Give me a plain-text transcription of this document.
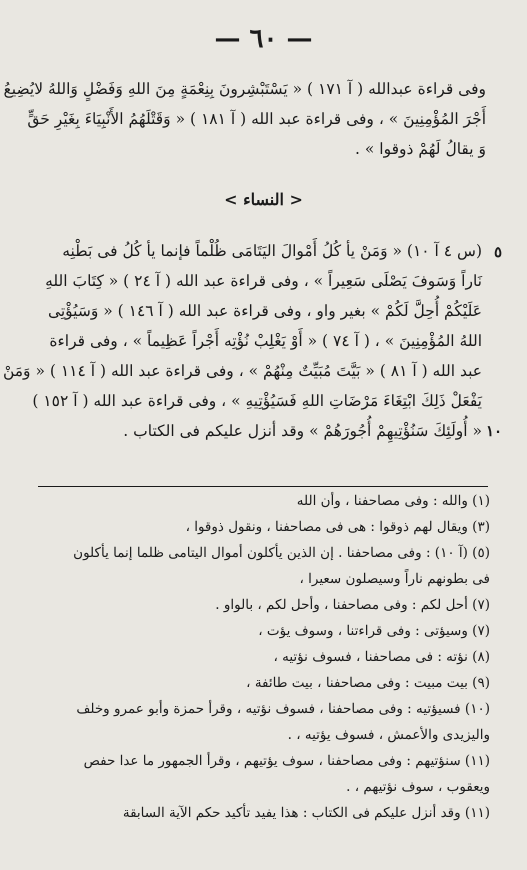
— ٦٠ —

وفى قراءة عبدالله ( آ ١٧١ ) « يَسْتَبْشِرونَ بِنِعْمَةٍ مِنَ اللهِ وَفَضْلٍ وَاللهُ لايُضِيعُ

أَجْرَ المُؤْمِنِينَ » ، وفى قراءة عبد الله ( آ ١٨١ ) « وَقَتْلَهُمُ الأَنْبِيَاءَ بِغَيْرِ حَقٍّ

وَ يقالُ لَهُمْ ذوقوا » .

< النساء >
٥
١٠

(س ٤ آ ١٠) « وَمَنْ يأ كُلُ أَمْوالَ اليَتَامَى ظُلْماً فإنما يأ كُلُ فى بَطْنِه

نَاراً وَسَوفَ يَصْلَى سَعِيراً » ، وفى قراءة عبد الله ( آ ٢٤ ) « كِتَابَ اللهِ

عَلَيْكُمْ أُحِلَّ لَكُمْ » بغير واو ، وفى قراءة عبد الله ( آ ١٤٦ ) « وَسَيُؤْتِى

اللهُ المُؤْمِنِينَ » ، ( آ ٧٤ ) « أَوْ يَغْلِبْ نُؤْتِه أَجْراً عَظِيماً » ، وفى قراءة

عبد الله ( آ ٨١ ) « بَيَّتَ مُبَيِّتٌ مِنْهُمْ » ، وفى قراءة عبد الله ( آ ١١٤ ) « وَمَنْ

يَفْعَلْ ذَلِكَ ابْتِغَاءَ مَرْضَاتِ اللهِ فَسَيُؤْتِيهِ » ، وفى قراءة عبد الله ( آ ١٥٢ )

« أُولَئِكَ سَنُؤْتِيهِمْ أُجُورَهُمْ » وقد أنزل عليكم فى الكتاب .

(١) والله : وفى مصاحفنا ، وأن الله

(٣) ويقال لهم ذوقوا : هى فى مصاحفنا ، ونقول ذوقوا ،

(٥) (آ ١٠) : وفى مصاحفنا . إن الذين يأكلون أموال اليتامى ظلما إنما يأكلون

فى بطونهم ناراً وسيصلون سعيرا ،

(٧) أحل لكم : وفى مصاحفنا ، وأحل لكم ، بالواو .

(٧) وسيؤتى : وفى قراءتنا ، وسوف يؤت ،

(٨) نؤته : فى مصاحفنا ، فسوف نؤتيه ،

(٩) بيت مبيت : وفى مصاحفنا ، بيت طائفة ،

(١٠) فسيؤتيه : وفى مصاحفنا ، فسوف نؤتيه ، وقرأ حمزة وأبو عمرو وخلف

واليزيدى والأعمش ، فسوف يؤتيه ، .

(١١) سنؤتيهم : وفى مصاحفنا ، سوف يؤتيهم ، وقرأ الجمهور ما عدا حفص

ويعقوب ، سوف نؤتيهم ، .

(١١) وقد أنزل عليكم فى الكتاب : هذا يفيد تأكيد حكم الآية السابقة
